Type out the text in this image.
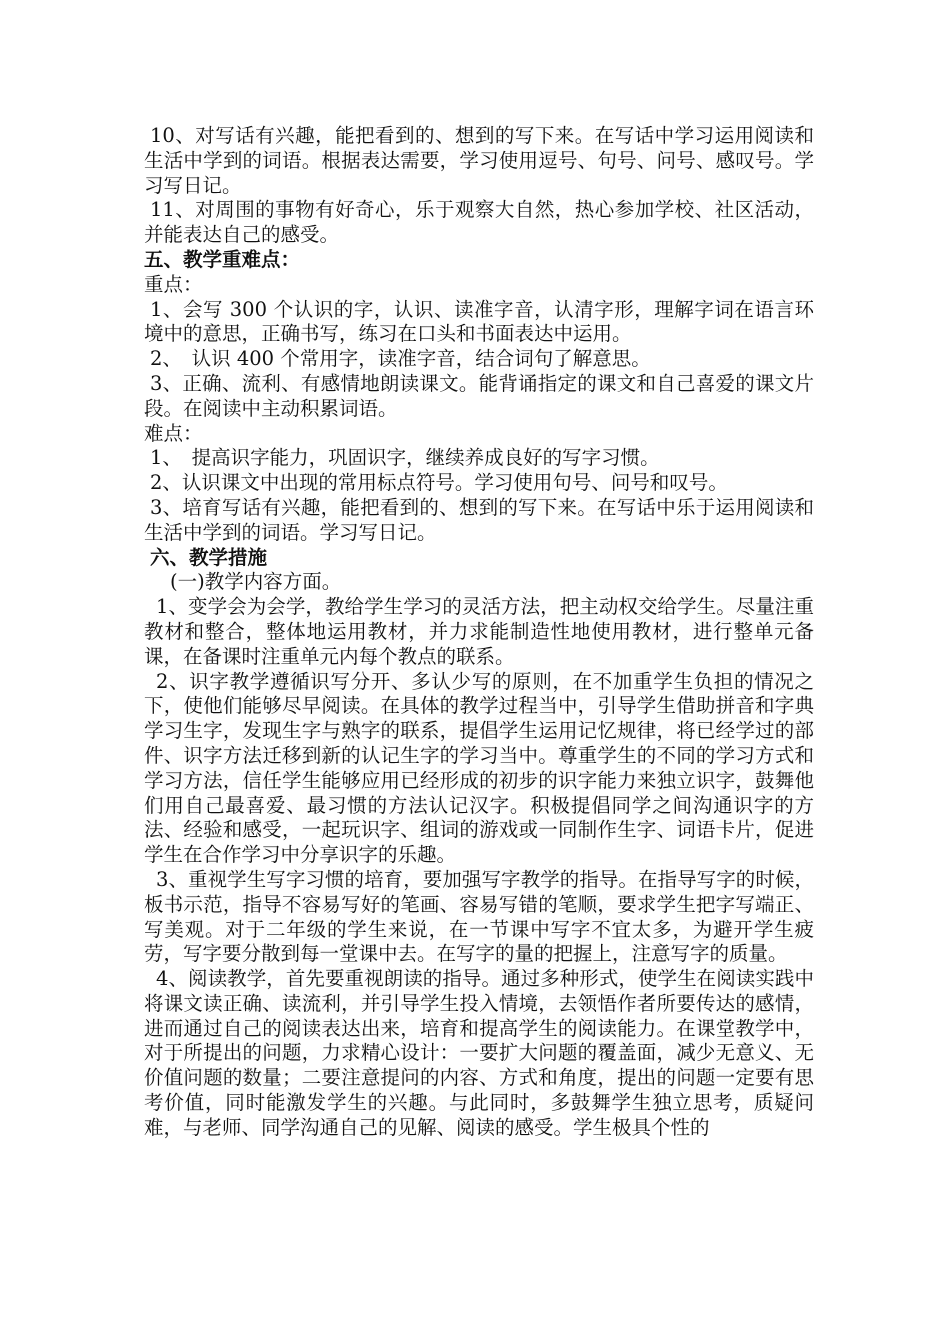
10、对写话有兴趣，能把看到的、想到的写下来。在写话中学习运用阅读和生活中学到的词语。根据表达需要，学习使用逗号、句号、问号、感叹号。学习写日记。

11、对周围的事物有好奇心，乐于观察大自然，热心参加学校、社区活动，并能表达自己的感受。

五、教学重难点：

重点：

1、会写 300 个认识的字，认识、读准字音，认清字形，理解字词在语言环境中的意思，正确书写，练习在口头和书面表达中运用。

2、　认识 400 个常用字，读准字音，结合词句了解意思。

3、正确、流利、有感情地朗读课文。能背诵指定的课文和自己喜爱的课文片段。在阅读中主动积累词语。

难点：

1、　提高识字能力，巩固识字，继续养成良好的写字习惯。

2、认识课文中出现的常用标点符号。学习使用句号、问号和叹号。

3、培育写话有兴趣，能把看到的、想到的写下来。在写话中乐于运用阅读和生活中学到的词语。学习写日记。

六、教学措施

(一)教学内容方面。

1、变学会为会学，教给学生学习的灵活方法，把主动权交给学生。尽量注重教材和整合，整体地运用教材，并力求能制造性地使用教材，进行整单元备课，在备课时注重单元内每个教点的联系。

2、识字教学遵循识写分开、多认少写的原则，在不加重学生负担的情况之下，使他们能够尽早阅读。在具体的教学过程当中，引导学生借助拼音和字典学习生字，发现生字与熟字的联系，提倡学生运用记忆规律，将已经学过的部件、识字方法迁移到新的认记生字的学习当中。尊重学生的不同的学习方式和学习方法，信任学生能够应用已经形成的初步的识字能力来独立识字，鼓舞他们用自己最喜爱、最习惯的方法认记汉字。积极提倡同学之间沟通识字的方法、经验和感受，一起玩识字、组词的游戏或一同制作生字、词语卡片，促进学生在合作学习中分享识字的乐趣。

3、重视学生写字习惯的培育，要加强写字教学的指导。在指导写字的时候，板书示范，指导不容易写好的笔画、容易写错的笔顺，要求学生把字写端正、写美观。对于二年级的学生来说，在一节课中写字不宜太多，为避开学生疲劳，写字要分散到每一堂课中去。在写字的量的把握上，注意写字的质量。

4、阅读教学，首先要重视朗读的指导。通过多种形式，使学生在阅读实践中将课文读正确、读流利，并引导学生投入情境，去领悟作者所要传达的感情，进而通过自己的阅读表达出来，培育和提高学生的阅读能力。在课堂教学中，对于所提出的问题，力求精心设计：一要扩大问题的覆盖面，减少无意义、无价值问题的数量；二要注意提问的内容、方式和角度，提出的问题一定要有思考价值，同时能激发学生的兴趣。与此同时，多鼓舞学生独立思考，质疑问难，与老师、同学沟通自己的见解、阅读的感受。学生极具个性的
